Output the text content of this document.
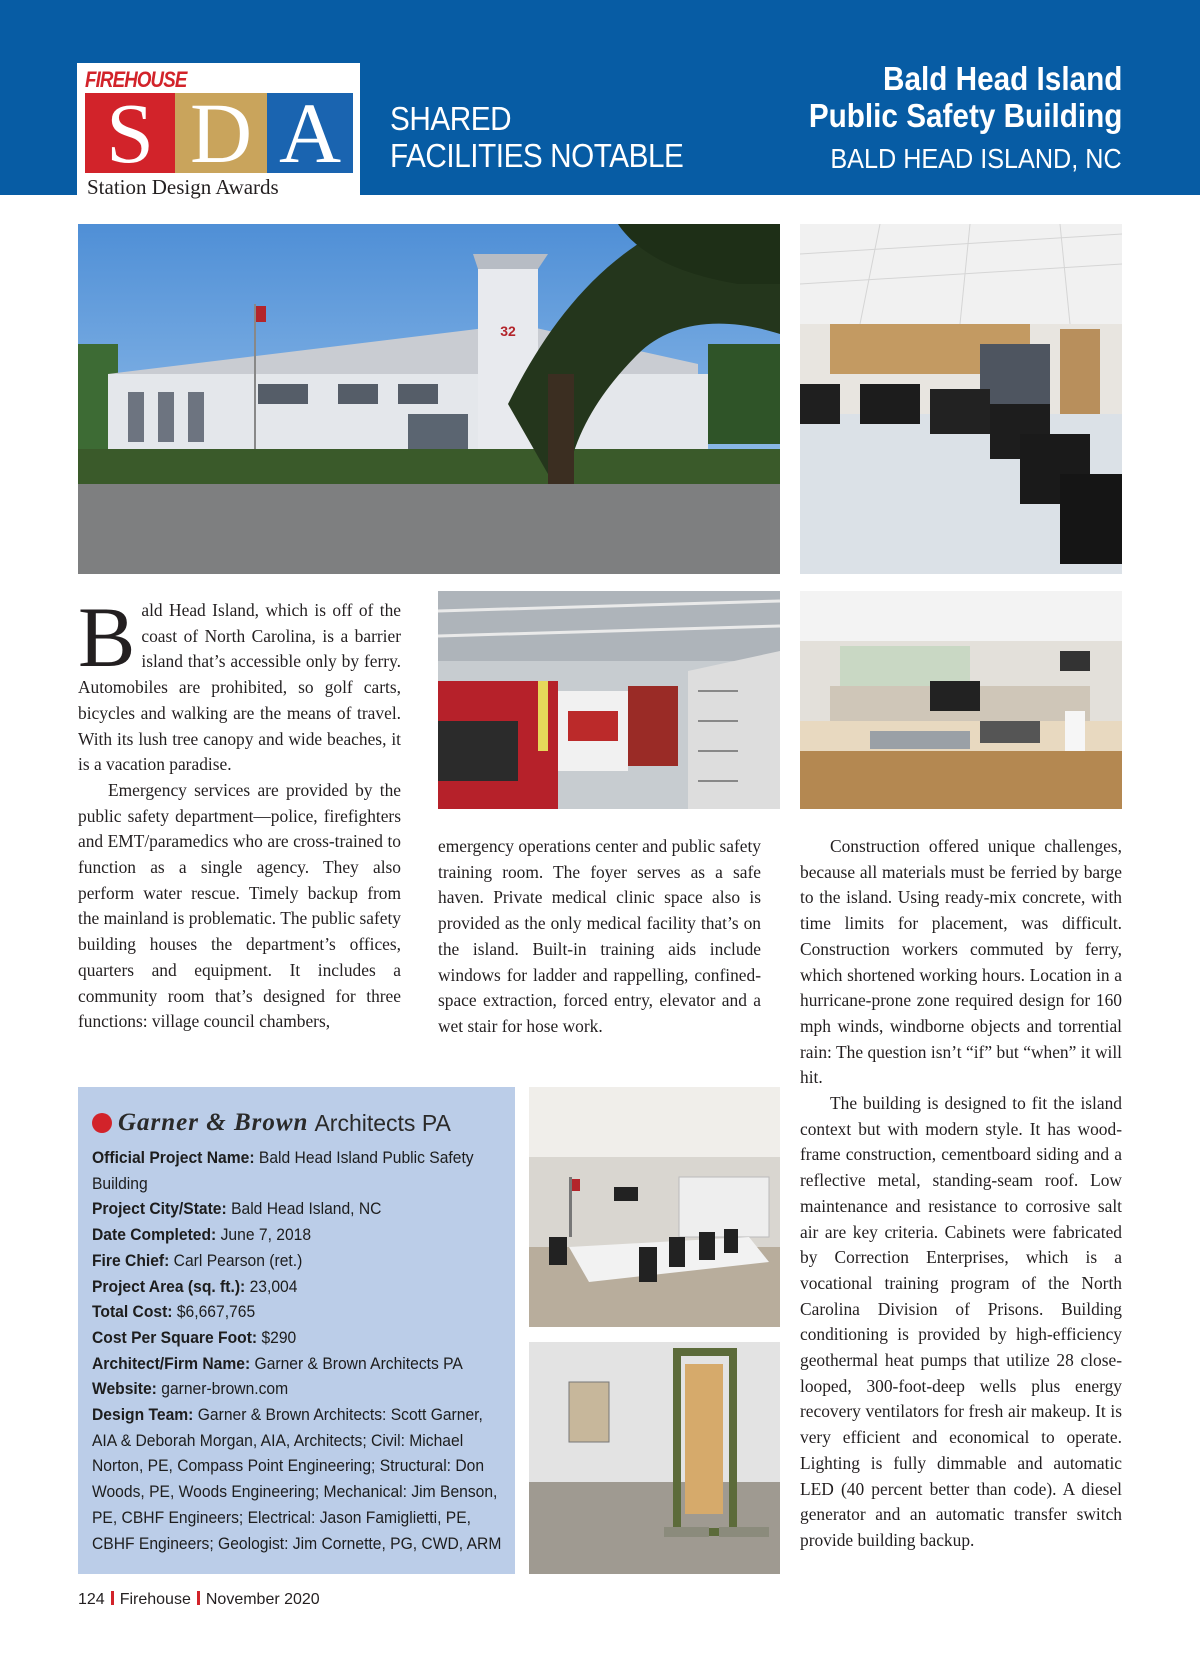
SHARED
FACILITIES NOTABLE
Bald Head Island
Public Safety Building
BALD HEAD ISLAND, NC
FIREHOUSE
S D A
Station Design Awards
32

Bald Head Island, which is off of the coast of North Carolina, is a barrier island that’s accessible only by ferry. Automobiles are prohibited, so golf carts, bicycles and walking are the means of travel. With its lush tree canopy and wide beaches, it is a vacation paradise.

Emergency services are provided by the public safety department—police, firefighters and EMT/paramedics who are cross-trained to function as a single agency. They also perform water rescue. Timely backup from the mainland is problematic. The public safety building houses the department’s offices, quarters and equipment. It includes a community room that’s designed for three functions: village council chambers,

emergency operations center and public safety training room. The foyer serves as a safe haven. Private medical clinic space also is provided as the only medical facility that’s on the island. Built-in training aids include windows for ladder and rappelling, confined-space extraction, forced entry, elevator and a wet stair for hose work.

Construction offered unique challenges, because all materials must be ferried by barge to the island. Using ready-mix concrete, with time limits for placement, was difficult. Construction workers commuted by ferry, which shortened working hours. Location in a hurricane-prone zone required design for 160 mph winds, windborne objects and torrential rain: The question isn’t “if” but “when” it will hit.

The building is designed to fit the island context but with modern style. It has wood-frame construction, cementboard siding and a reflective metal, standing-seam roof. Low maintenance and resistance to corrosive salt air are key criteria. Cabinets were fabricated by Correction Enterprises, which is a vocational training program of the North Carolina Division of Prisons. Building conditioning is provided by high-efficiency geothermal heat pumps that utilize 28 close-looped, 300-foot-deep wells plus energy recovery ventilators for fresh air makeup. It is very efficient and economical to operate. Lighting is fully dimmable and automatic LED (40 percent better than code). A diesel generator and an automatic transfer switch provide building backup.

Garner & Brown Architects PA
Official Project Name: Bald Head Island Public Safety Building
Project City/State: Bald Head Island, NC
Date Completed: June 7, 2018
Fire Chief: Carl Pearson (ret.)
Project Area (sq. ft.): 23,004
Total Cost: $6,667,765
Cost Per Square Foot: $290
Architect/Firm Name: Garner & Brown Architects PA
Website: garner-brown.com
Design Team: Garner & Brown Architects: Scott Garner, AIA & Deborah Morgan, AIA, Architects; Civil: Michael Norton, PE, Compass Point Engineering; Structural: Don Woods, PE, Woods Engineering; Mechanical: Jim Benson, PE, CBHF Engineers; Electrical: Jason Famiglietti, PE, CBHF Engineers; Geologist: Jim Cornette, PG, CWD, ARM
124 Firehouse November 2020
